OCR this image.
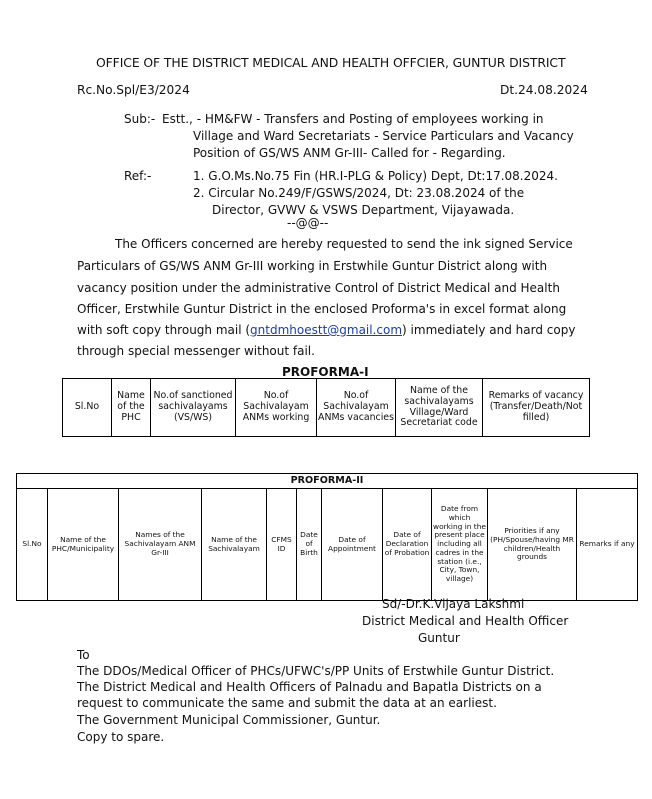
OFFICE OF THE DISTRICT MEDICAL AND HEALTH OFFCIER, GUNTUR DISTRICT
Rc.No.Spl/E3/2024	Dt.24.08.2024
Sub:- Estt., - HM&FW - Transfers and Posting of employees working in
Village and Ward Secretariats - Service Particulars and Vacancy
Position of GS/WS ANM Gr-III- Called for - Regarding.
Ref:-	1. G.O.Ms.No.75 Fin (HR.I-PLG & Policy) Dept, Dt:17.08.2024.
2. Circular No.249/F/GSWS/2024, Dt: 23.08.2024 of the
Director, GVWV & VSWS Department, Vijayawada.
--@@--
The Officers concerned are hereby requested to send the ink signed Service
Particulars of GS/WS ANM Gr-III working in Erstwhile Guntur District along with
vacancy position under the administrative Control of District Medical and Health
Officer, Erstwhile Guntur District in the enclosed Proforma's in excel format along
with soft copy through mail (gntdmhoestt@gmail.com) immediately and hard copy
through special messenger without fail.
PROFORMA-I
Sl.No	Name of the PHC	No.of sanctioned sachivalayams (VS/WS)	No.of Sachivalayam ANMs working	No.of Sachivalayam ANMs vacancies	Name of the sachivalayams Village/Ward Secretariat code	Remarks of vacancy (Transfer/Death/Not filled)
PROFORMA-II
Sl.No	Name of the PHC/Municipality	Names of the Sachivalayam ANM Gr-III	Name of the Sachivalayam	CFMS ID	Date of Birth	Date of Appointment	Date of Declaration of Probation	Date from which working in the present place including all cadres in the station (i.e., City, Town, village)	Priorities if any (PH/Spouse/having MR children/Health grounds	Remarks if any
Sd/-Dr.K.Vijaya Lakshmi
District Medical and Health Officer
Guntur
To
The DDOs/Medical Officer of PHCs/UFWC's/PP Units of Erstwhile Guntur District.
The District Medical and Health Officers of Palnadu and Bapatla Districts on a
request to communicate the same and submit the data at an earliest.
The Government Municipal Commissioner, Guntur.
Copy to spare.
